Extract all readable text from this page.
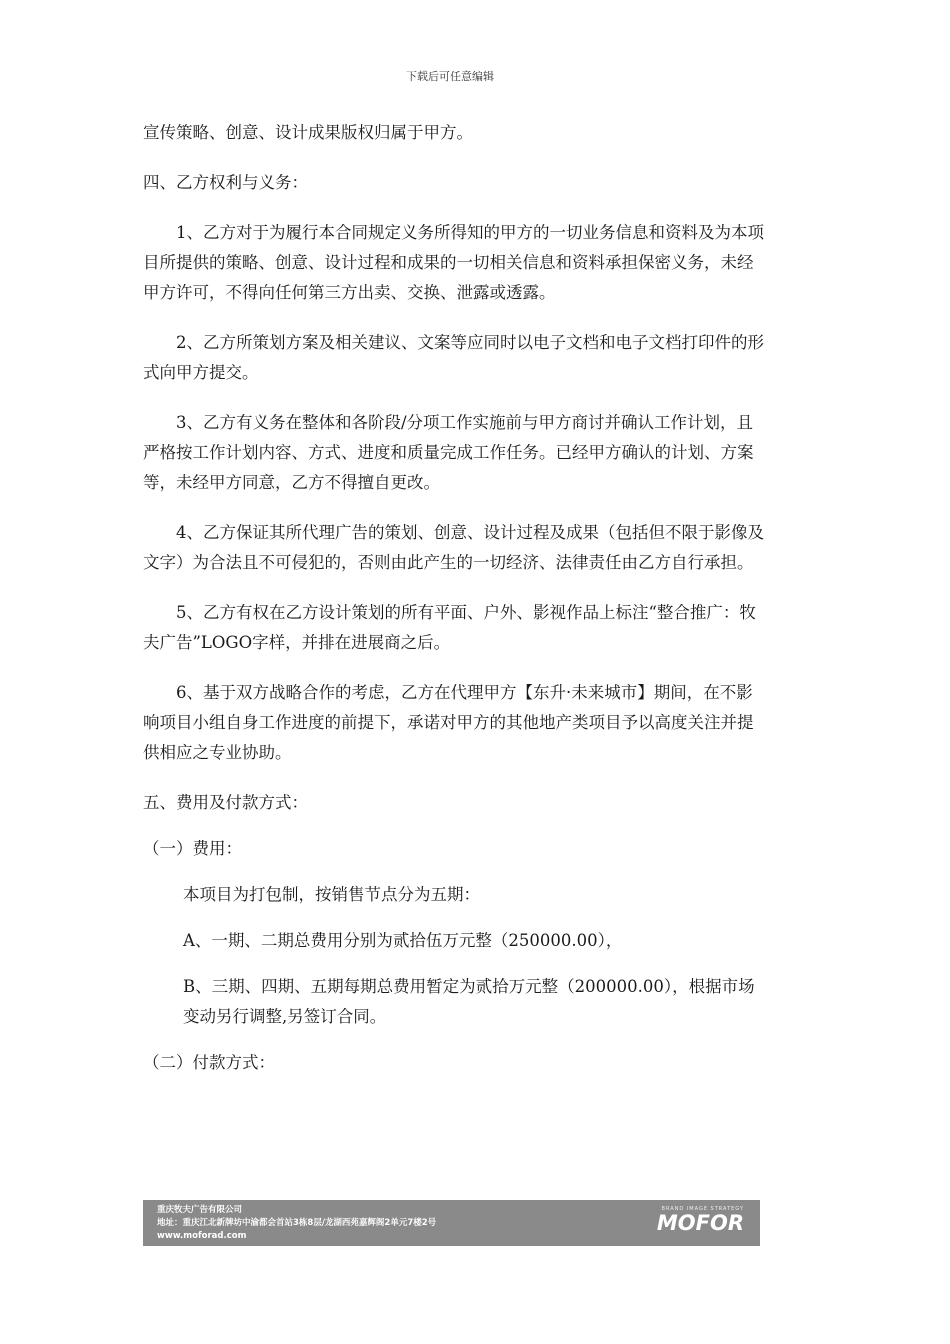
下载后可任意编辑

宣传策略、创意、设计成果版权归属于甲方。

四、乙方权利与义务：

1、乙方对于为履行本合同规定义务所得知的甲方的一切业务信息和资料及为本项目所提供的策略、创意、设计过程和成果的一切相关信息和资料承担保密义务，未经甲方许可，不得向任何第三方出卖、交换、泄露或透露。

2、乙方所策划方案及相关建议、文案等应同时以电子文档和电子文档打印件的形式向甲方提交。

3、乙方有义务在整体和各阶段/分项工作实施前与甲方商讨并确认工作计划，且严格按工作计划内容、方式、进度和质量完成工作任务。已经甲方确认的计划、方案等，未经甲方同意，乙方不得擅自更改。

4、乙方保证其所代理广告的策划、创意、设计过程及成果（包括但不限于影像及文字）为合法且不可侵犯的，否则由此产生的一切经济、法律责任由乙方自行承担。

5、乙方有权在乙方设计策划的所有平面、户外、影视作品上标注“整合推广：牧夫广告”LOGO字样，并排在进展商之后。

6、基于双方战略合作的考虑，乙方在代理甲方【东升·未来城市】期间，在不影响项目小组自身工作进度的前提下，承诺对甲方的其他地产类项目予以高度关注并提供相应之专业协助。

五、费用及付款方式：

（一）费用：

本项目为打包制，按销售节点分为五期：

A、一期、二期总费用分别为贰拾伍万元整（250000.00），

B、三期、四期、五期每期总费用暂定为贰拾万元整（200000.00），根据市场变动另行调整,另签订合同。

（二）付款方式：

重庆牧夫广告有限公司
地址：重庆江北新牌坊中渝都会首站3栋8层/龙湖西苑嘉辉阁2单元7楼2号
www.moforad.com
BRAND IMAGE STRATEGY
MOFOR
